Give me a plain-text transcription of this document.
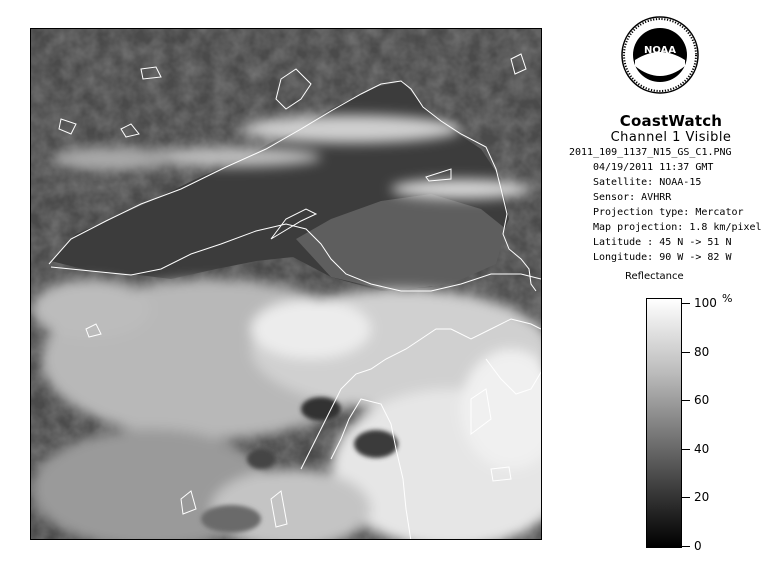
NOAA
CoastWatch
Channel 1 Visible
2011_109_1137_N15_GS_C1.PNG
04/19/2011 11:37 GMT
Satellite: NOAA-15
Sensor: AVHRR
Projection type: Mercator
Map projection: 1.8 km/pixel
Latitude : 45 N -> 51 N
Longitude: 90 W -> 82 W
Reflectance
%
100
80
60
40
20
0
